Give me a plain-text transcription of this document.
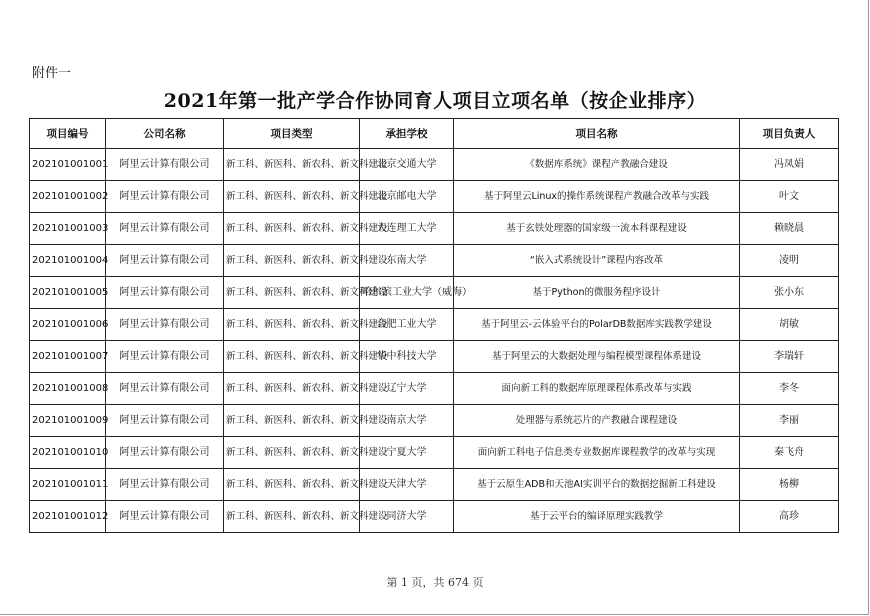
附件一
2021年第一批产学合作协同育人项目立项名单（按企业排序）
项目编号	公司名称	项目类型	承担学校	项目名称	项目负责人
202101001001	阿里云计算有限公司	新工科、新医科、新农科、新文科建设	北京交通大学	《数据库系统》课程产教融合建设	冯凤娟
202101001002	阿里云计算有限公司	新工科、新医科、新农科、新文科建设	北京邮电大学	基于阿里云Linux的操作系统课程产教融合改革与实践	叶文
202101001003	阿里云计算有限公司	新工科、新医科、新农科、新文科建设	大连理工大学	基于玄铁处理器的国家级一流本科课程建设	赖晓晨
202101001004	阿里云计算有限公司	新工科、新医科、新农科、新文科建设	东南大学	“嵌入式系统设计”课程内容改革	凌明
202101001005	阿里云计算有限公司	新工科、新医科、新农科、新文科建设	哈尔滨工业大学（威海）	基于Python的微服务程序设计	张小东
202101001006	阿里云计算有限公司	新工科、新医科、新农科、新文科建设	合肥工业大学	基于阿里云-云体验平台的PolarDB数据库实践教学建设	胡敏
202101001007	阿里云计算有限公司	新工科、新医科、新农科、新文科建设	华中科技大学	基于阿里云的大数据处理与编程模型课程体系建设	李瑞轩
202101001008	阿里云计算有限公司	新工科、新医科、新农科、新文科建设	辽宁大学	面向新工科的数据库原理课程体系改革与实践	李冬
202101001009	阿里云计算有限公司	新工科、新医科、新农科、新文科建设	南京大学	处理器与系统芯片的产教融合课程建设	李丽
202101001010	阿里云计算有限公司	新工科、新医科、新农科、新文科建设	宁夏大学	面向新工科电子信息类专业数据库课程教学的改革与实现	秦飞舟
202101001011	阿里云计算有限公司	新工科、新医科、新农科、新文科建设	天津大学	基于云原生ADB和天池AI实训平台的数据挖掘新工科建设	杨柳
202101001012	阿里云计算有限公司	新工科、新医科、新农科、新文科建设	同济大学	基于云平台的编译原理实践教学	高珍
第 1 页，共 674 页
